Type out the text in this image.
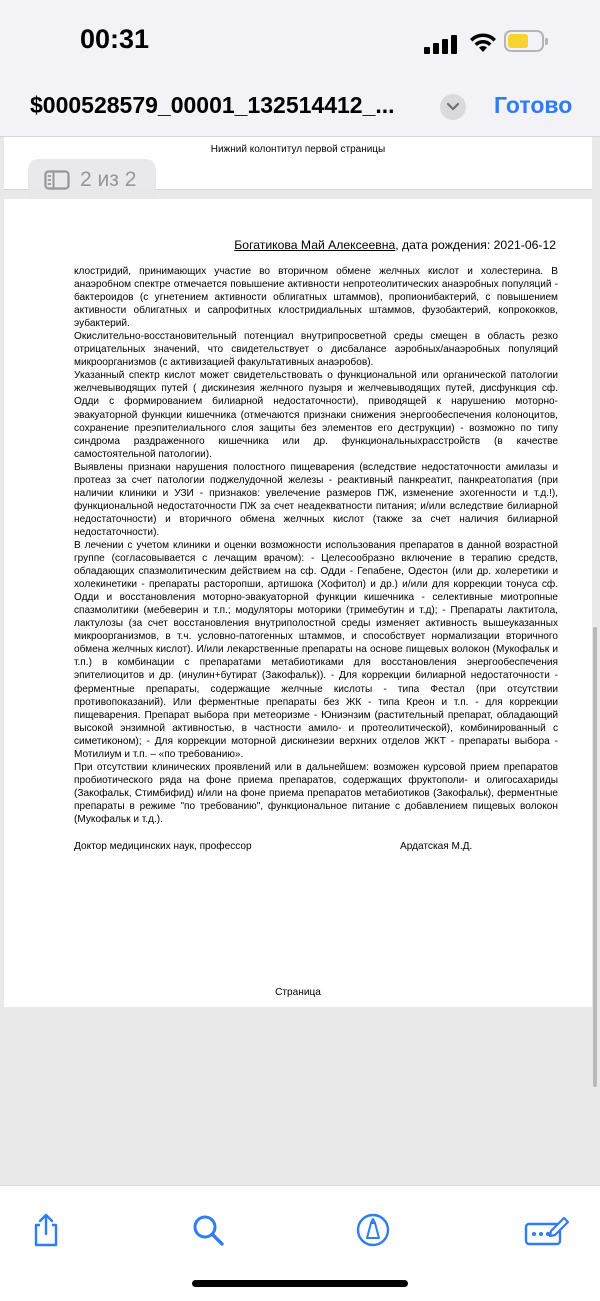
00:31
$000528579_00001_132514412_...	Готово
Нижний колонтитул первой страницы
2 из 2
Богатикова Май Алексеевна, дата рождения: 2021-06-12

клостридий, принимающих участие во вторичном обмене желчных кислот и холестерина. В анаэробном спектре отмечается повышение активности непротеолитических анаэробных популяций - бактероидов (с угнетением активности облигатных штаммов), пропионибактерий, с повышением активности облигатных и сапрофитных клостридиальных штаммов, фузобактерий, копрококков, эубактерий.

Окислительно-восстановительный потенциал внутрипросветной среды смещен в область резко отрицательных значений, что свидетельствует о дисбалансе аэробных/анаэробных популяций микроорганизмов (с активизацией факультативных анаэробов).

Указанный спектр кислот может свидетельствовать о функциональной или органической патологии желчевыводящих путей ( дискинезия желчного пузыря и желчевыводящих путей, дисфункция сф. Одди с формированием билиарной недостаточности), приводящей к нарушению моторно-эвакуаторной функции кишечника (отмечаются признаки снижения энергообеспечения колоноцитов, сохранение преэпителиального слоя защиты без элементов его деструкции) - возможно по типу синдрома раздраженного кишечника или др. функциональныхрасстройств (в качестве самостоятельной патологии).

Выявлены признаки нарушения полостного пищеварения (вследствие недостаточности амилазы и протеаз за счет патологии поджелудочной железы - реактивный панкреатит, панкреатопатия (при наличии клиники и УЗИ - признаков: увелечение размеров ПЖ, изменение эхогенности и т.д.!), функциональной недостаточности ПЖ за счет неадекватности питания; и/или вследствие билиарной недостаточности) и вторичного обмена желчных кислот (также за счет наличия билиарной недостаточности).

В лечении с учетом клиники и оценки возможности использования препаратов в данной возрастной группе (согласовывается с лечащим врачом): - Целесообразно включение в терапию средств, обладающих спазмолитическим действием на сф. Одди - Гепабене, Одестон (или др. холеретики и холекинетики - препараты расторопши, артишока (Хофитол) и др.) и/или для коррекции тонуса сф. Одди и восстановления моторно-эвакуаторной функции кишечника - селективные миотропные спазмолитики (мебеверин и т.п.; модуляторы моторики (тримебутин и т.д); - Препараты лактитола, лактулозы (за счет восстановления внутриполостной среды изменяет активность вышеуказанных микроорганизмов, в т.ч. условно-патогенных штаммов, и способствует нормализации вторичного обмена желчных кислот). И/или лекарственные препараты на основе пищевых волокон (Мукофальк и т.п.) в комбинации с препаратами метабиотиками для восстановления энергообеспечения эпителиоцитов и др. (инулин+бутират (Закофальк)). - Для коррекции билиарной недостаточности - ферментные препараты, содержащие желчные кислоты - типа Фестал (при отсутствии противопоказаний). Или ферментные препараты без ЖК - типа Креон и т.п. - для коррекции пищеварения. Препарат выбора при метеоризме - Юниэнзим (растительный препарат, обладающий высокой энзимной активностью, в частности амило- и протеолитической), комбинированный с симетиконом); - Для коррекции моторной дискинезии верхних отделов ЖКТ - препараты выбора - Мотилиум и т.п. – «по требованию».

При отсутствии клинических проявлений или в дальнейшем: возможен курсовой прием препаратов пробиотического ряда на фоне приема препаратов, содержащих фруктополи- и олигосахариды (Закофальк, Стимбифид) и/или на фоне приема препаратов метабиотиков (Закофальк), ферментные препараты в режиме "по требованию", функциональное питание с добавлением пищевых волокон (Мукофальк и т.д.).

Доктор медицинских наук, профессор	Ардатская М.Д.
Страница
